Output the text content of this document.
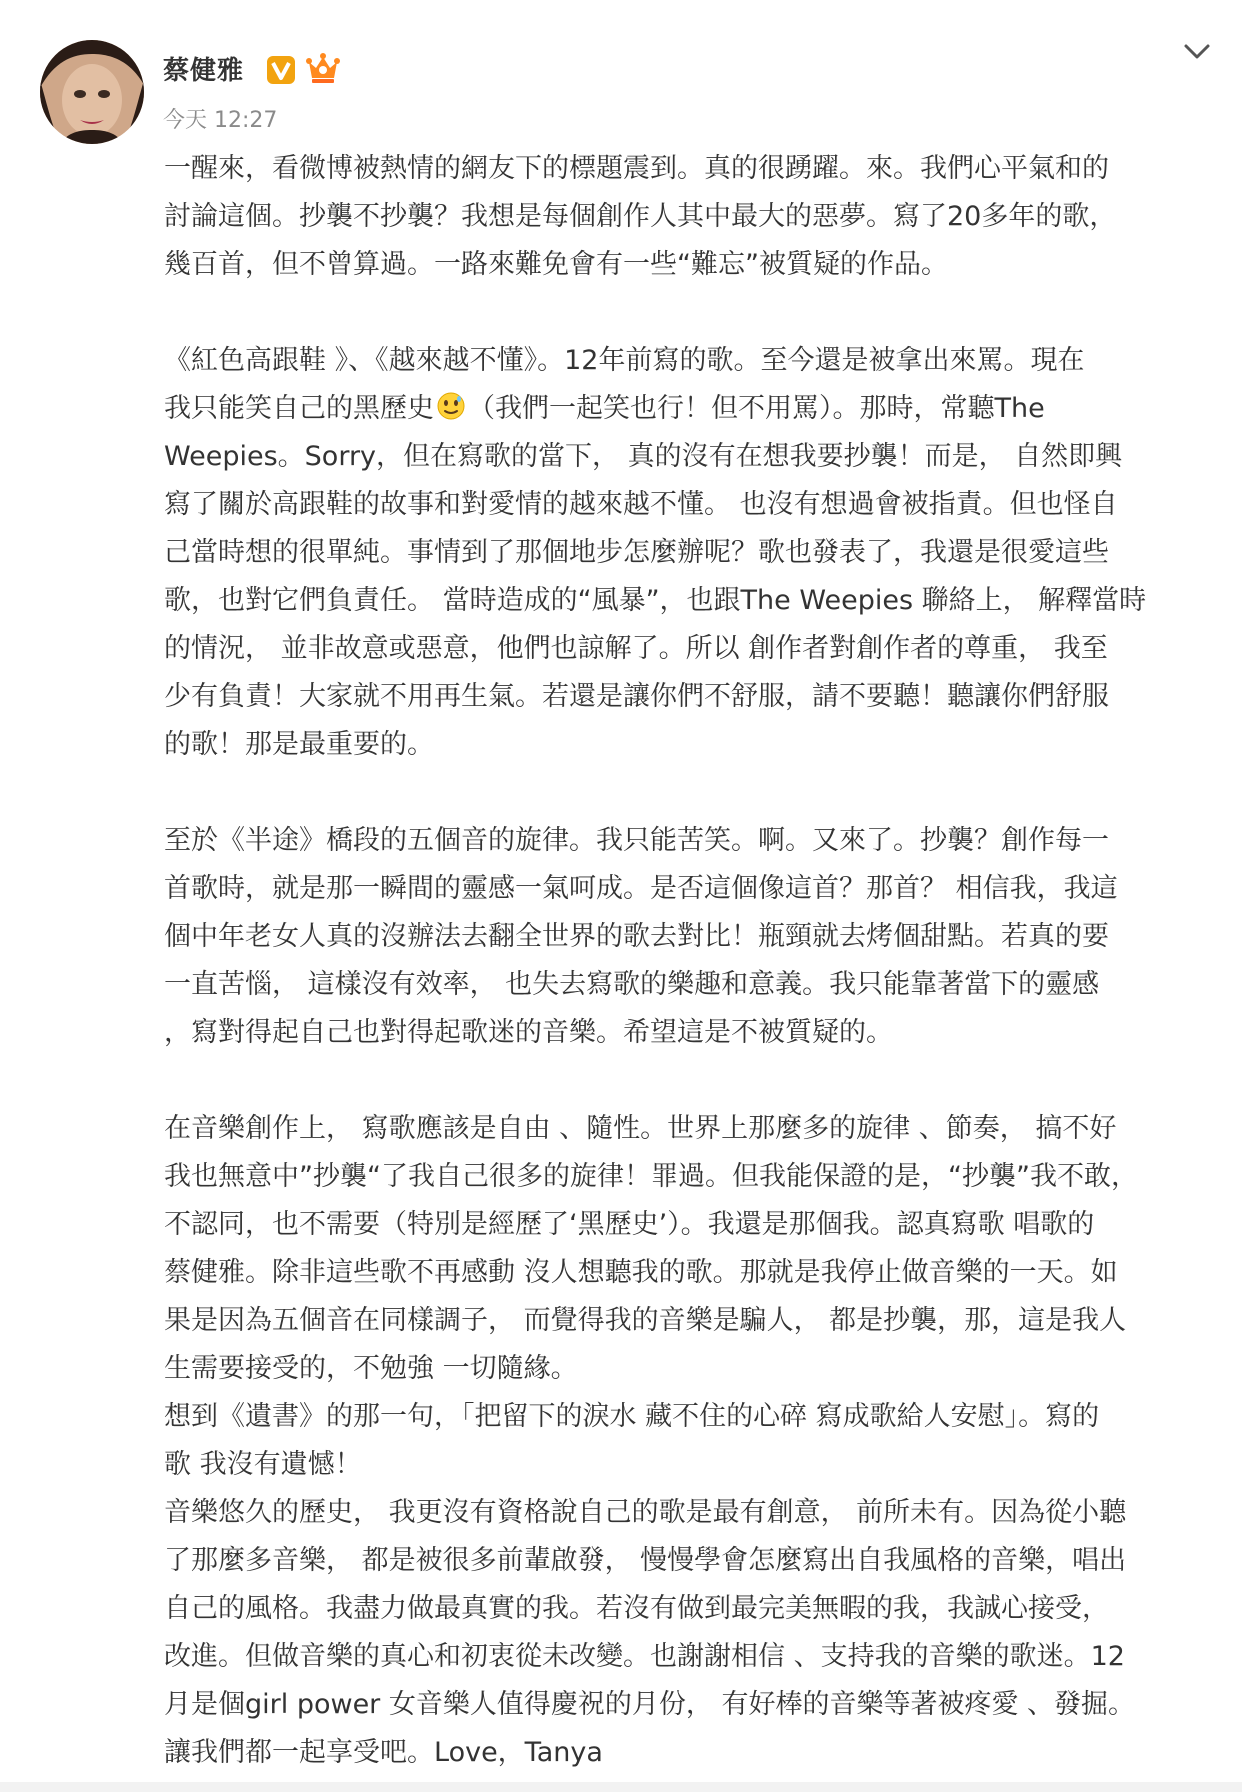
蔡健雅
今天 12:27
一醒來，看微博被熱情的網友下的標題震到。真的很踴躍。來。我們心平氣和的
討論這個。抄襲不抄襲？我想是每個創作人其中最大的惡夢。寫了20多年的歌，
幾百首，但不曾算過。一路來難免會有一些“難忘”被質疑的作品。
《紅色高跟鞋 》、《越來越不懂》。12年前寫的歌。至今還是被拿出來罵。現在
我只能笑自己的黑歷史 （我們一起笑也行！但不用罵）。那時，常聽The
Weepies。Sorry，但在寫歌的當下， 真的沒有在想我要抄襲！而是， 自然即興
寫了關於高跟鞋的故事和對愛情的越來越不懂。 也沒有想過會被指責。但也怪自
己當時想的很單純。事情到了那個地步怎麼辦呢？歌也發表了，我還是很愛這些
歌，也對它們負責任。 當時造成的“風暴”，也跟The Weepies 聯絡上， 解釋當時
的情況， 並非故意或惡意，他們也諒解了。所以 創作者對創作者的尊重， 我至
少有負責！大家就不用再生氣。若還是讓你們不舒服，請不要聽！聽讓你們舒服
的歌！那是最重要的。
至於《半途》橋段的五個音的旋律。我只能苦笑。啊。又來了。抄襲？創作每一
首歌時，就是那一瞬間的靈感一氣呵成。是否這個像這首？那首？ 相信我，我這
個中年老女人真的沒辦法去翻全世界的歌去對比！瓶頸就去烤個甜點。若真的要
一直苦惱， 這樣沒有效率， 也失去寫歌的樂趣和意義。我只能靠著當下的靈感
，寫對得起自己也對得起歌迷的音樂。希望這是不被質疑的。
在音樂創作上， 寫歌應該是自由 、隨性。世界上那麼多的旋律 、節奏， 搞不好
我也無意中”抄襲“了我自己很多的旋律！罪過。但我能保證的是，“抄襲”我不敢，
不認同，也不需要（特別是經歷了‘黑歷史’）。我還是那個我。認真寫歌 唱歌的
蔡健雅。除非這些歌不再感動 沒人想聽我的歌。那就是我停止做音樂的一天。如
果是因為五個音在同樣調子， 而覺得我的音樂是騙人， 都是抄襲，那，這是我人
生需要接受的，不勉強 一切隨緣。
想到《遺書》的那一句，「把留下的淚水 藏不住的心碎 寫成歌給人安慰」。寫的
歌 我沒有遺憾！
音樂悠久的歷史， 我更沒有資格說自己的歌是最有創意， 前所未有。因為從小聽
了那麼多音樂， 都是被很多前輩啟發， 慢慢學會怎麼寫出自我風格的音樂，唱出
自己的風格。我盡力做最真實的我。若沒有做到最完美無暇的我，我誠心接受，
改進。但做音樂的真心和初衷從未改變。也謝謝相信 、支持我的音樂的歌迷。12
月是個girl power 女音樂人值得慶祝的月份， 有好棒的音樂等著被疼愛 、發掘。
讓我們都一起享受吧。Love，Tanya
